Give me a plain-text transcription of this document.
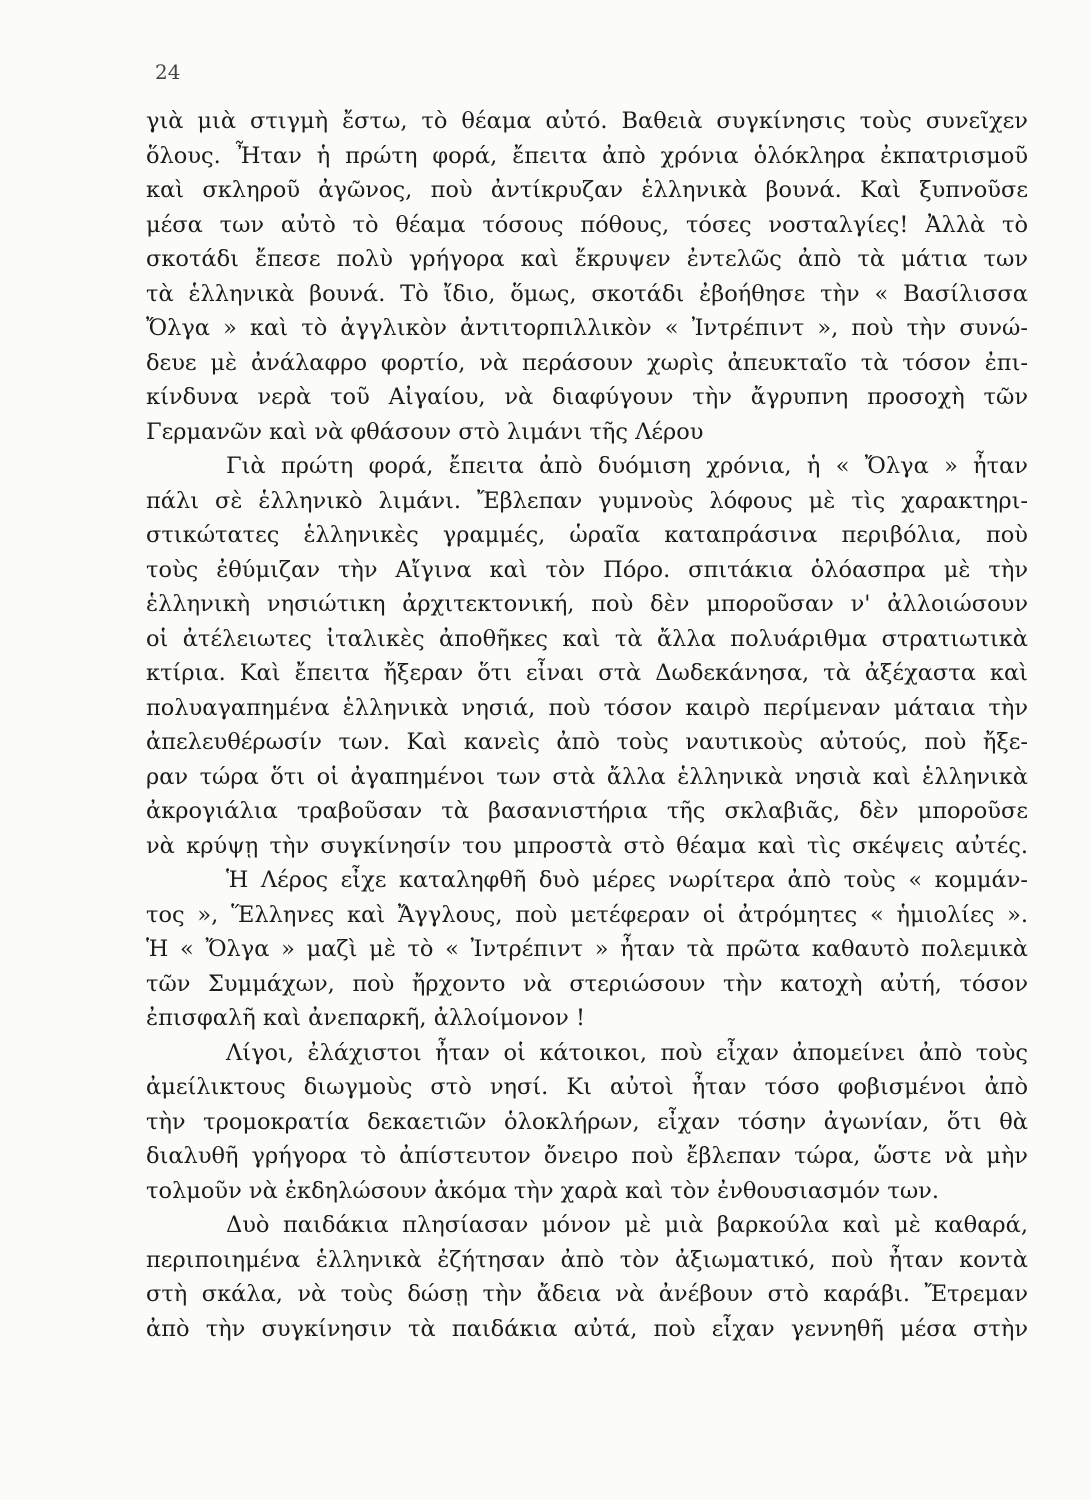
24
γιὰ μιὰ στιγμὴ ἔστω, τὸ θέαμα αὐτό. Βαθειὰ συγκίνησις τοὺς συνεῖχεν
ὅλους. Ἦταν ἡ πρώτη φορά, ἔπειτα ἀπὸ χρόνια ὁλόκληρα ἐκπατρισμοῦ
καὶ σκληροῦ ἀγῶνος, ποὺ ἀντίκρυζαν ἑλληνικὰ βουνά. Καὶ ξυπνοῦσε
μέσα των αὐτὸ τὸ θέαμα τόσους πόθους, τόσες νοσταλγίες! Ἀλλὰ τὸ
σκοτάδι ἔπεσε πολὺ γρήγορα καὶ ἔκρυψεν ἐντελῶς ἀπὸ τὰ μάτια των
τὰ ἑλληνικὰ βουνά. Τὸ ἴδιο, ὅμως, σκοτάδι ἐβοήθησε τὴν « Βασίλισσα
Ὄλγα » καὶ τὸ ἀγγλικὸν ἀντιτορπιλλικὸν « Ἰντρέπιντ », ποὺ τὴν συνώ-
δευε μὲ ἀνάλαφρο φορτίο, νὰ περάσουν χωρὶς ἀπευκταῖο τὰ τόσον ἐπι-
κίνδυνα νερὰ τοῦ Αἰγαίου, νὰ διαφύγουν τὴν ἄγρυπνη προσοχὴ τῶν
Γερμανῶν καὶ νὰ φθάσουν στὸ λιμάνι τῆς Λέρου
Γιὰ πρώτη φορά, ἔπειτα ἀπὸ δυόμιση χρόνια, ἡ « Ὄλγα » ἦταν
πάλι σὲ ἑλληνικὸ λιμάνι. Ἔβλεπαν γυμνοὺς λόφους μὲ τὶς χαρακτηρι-
στικώτατες ἑλληνικὲς γραμμές, ὡραῖα καταπράσινα περιβόλια, ποὺ
τοὺς ἐθύμιζαν τὴν Αἴγινα καὶ τὸν Πόρο. σπιτάκια ὁλόασπρα μὲ τὴν
ἑλληνικὴ νησιώτικη ἀρχιτεκτονική, ποὺ δὲν μποροῦσαν ν' ἀλλοιώσουν
οἱ ἀτέλειωτες ἰταλικὲς ἀποθῆκες καὶ τὰ ἄλλα πολυάριθμα στρατιωτικὰ
κτίρια. Καὶ ἔπειτα ἤξεραν ὅτι εἶναι στὰ Δωδεκάνησα, τὰ ἀξέχαστα καὶ
πολυαγαπημένα ἑλληνικὰ νησιά, ποὺ τόσον καιρὸ περίμεναν μάταια τὴν
ἀπελευθέρωσίν των. Καὶ κανεὶς ἀπὸ τοὺς ναυτικοὺς αὐτούς, ποὺ ἤξε-
ραν τώρα ὅτι οἱ ἀγαπημένοι των στὰ ἄλλα ἑλληνικὰ νησιὰ καὶ ἑλληνικὰ
ἀκρογιάλια τραβοῦσαν τὰ βασανιστήρια τῆς σκλαβιᾶς, δὲν μποροῦσε
νὰ κρύψῃ τὴν συγκίνησίν του μπροστὰ στὸ θέαμα καὶ τὶς σκέψεις αὐτές.
Ἡ Λέρος εἶχε καταληφθῆ δυὸ μέρες νωρίτερα ἀπὸ τοὺς « κομμάν-
τος », Ἕλληνες καὶ Ἄγγλους, ποὺ μετέφεραν οἱ ἀτρόμητες « ἡμιολίες ».
Ἡ « Ὄλγα » μαζὶ μὲ τὸ « Ἰντρέπιντ » ἦταν τὰ πρῶτα καθαυτὸ πολεμικὰ
τῶν Συμμάχων, ποὺ ἤρχοντο νὰ στεριώσουν τὴν κατοχὴ αὐτή, τόσον
ἐπισφαλῆ καὶ ἀνεπαρκῆ, ἀλλοίμονον !
Λίγοι, ἐλάχιστοι ἦταν οἱ κάτοικοι, ποὺ εἶχαν ἀπομείνει ἀπὸ τοὺς
ἀμείλικτους διωγμοὺς στὸ νησί. Κι αὐτοὶ ἦταν τόσο φοβισμένοι ἀπὸ
τὴν τρομοκρατία δεκαετιῶν ὁλοκλήρων, εἶχαν τόσην ἀγωνίαν, ὅτι θὰ
διαλυθῆ γρήγορα τὸ ἀπίστευτον ὄνειρο ποὺ ἔβλεπαν τώρα, ὥστε νὰ μὴν
τολμοῦν νὰ ἐκδηλώσουν ἀκόμα τὴν χαρὰ καὶ τὸν ἐνθουσιασμόν των.
Δυὸ παιδάκια πλησίασαν μόνον μὲ μιὰ βαρκούλα καὶ μὲ καθαρά,
περιποιημένα ἑλληνικὰ ἐζήτησαν ἀπὸ τὸν ἀξιωματικό, ποὺ ἦταν κοντὰ
στὴ σκάλα, νὰ τοὺς δώσῃ τὴν ἄδεια νὰ ἀνέβουν στὸ καράβι. Ἔτρεμαν
ἀπὸ τὴν συγκίνησιν τὰ παιδάκια αὐτά, ποὺ εἶχαν γεννηθῆ μέσα στὴν
